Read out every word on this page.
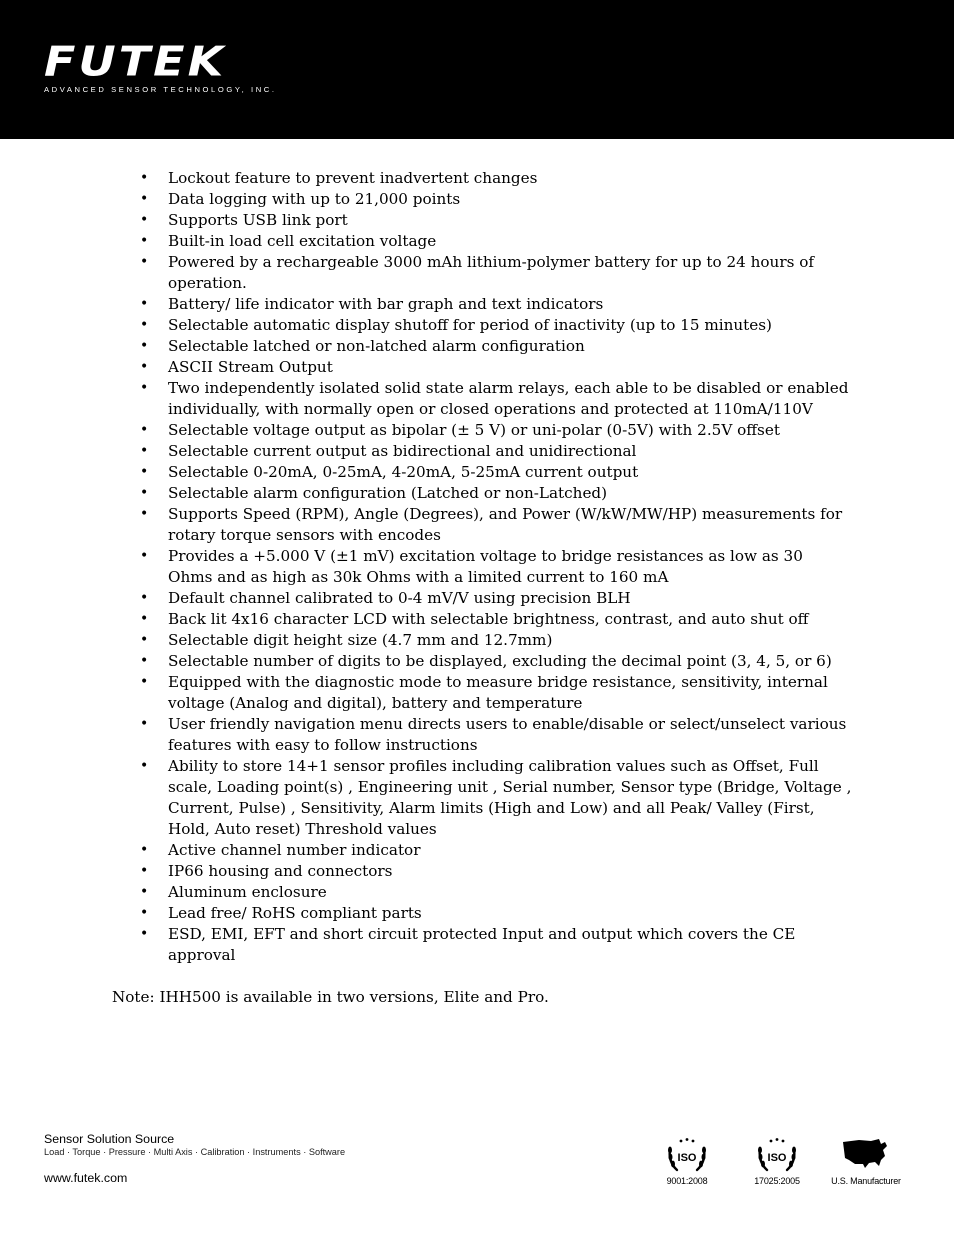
FUTEK
ADVANCED SENSOR TECHNOLOGY, INC.
• Lockout feature to prevent inadvertent changes
• Data logging with up to 21,000 points
• Supports USB link port
• Built-in load cell excitation voltage
• Powered by a rechargeable 3000 mAh lithium-polymer battery for up to 24 hours of operation.
• Battery/ life indicator with bar graph and text indicators
• Selectable automatic display shutoff for period of inactivity (up to 15 minutes)
• Selectable latched or non-latched alarm configuration
• ASCII Stream Output
• Two independently isolated solid state alarm relays, each able to be disabled or enabled individually, with normally open or closed operations and protected at 110mA/110V
• Selectable voltage output as bipolar (± 5 V) or uni-polar (0-5V) with 2.5V offset
• Selectable current output as bidirectional and unidirectional
• Selectable 0-20mA, 0-25mA, 4-20mA, 5-25mA current output
• Selectable alarm configuration (Latched or non-Latched)
• Supports Speed (RPM), Angle (Degrees), and Power (W/kW/MW/HP) measurements for rotary torque sensors with encodes
• Provides a +5.000 V (±1 mV) excitation voltage to bridge resistances as low as 30 Ohms and as high as 30k Ohms with a limited current to 160 mA
• Default channel calibrated to 0-4 mV/V using precision BLH
• Back lit 4x16 character LCD with selectable brightness, contrast, and auto shut off
• Selectable digit height size (4.7 mm and 12.7mm)
• Selectable number of digits to be displayed, excluding the decimal point (3, 4, 5, or 6)
• Equipped with the diagnostic mode to measure bridge resistance, sensitivity, internal voltage (Analog and digital), battery and temperature
• User friendly navigation menu directs users to enable/disable or select/unselect various features with easy to follow instructions
• Ability to store 14+1 sensor profiles including calibration values such as Offset, Full scale, Loading point(s) , Engineering unit , Serial number, Sensor type (Bridge, Voltage , Current, Pulse) , Sensitivity, Alarm limits (High and Low) and all Peak/ Valley (First, Hold, Auto reset) Threshold values
• Active channel number indicator
• IP66 housing and connectors
• Aluminum enclosure
• Lead free/ RoHS compliant parts
• ESD, EMI, EFT and short circuit protected Input and output which covers the CE approval
Note: IHH500 is available in two versions, Elite and Pro.
Sensor Solution Source
Load · Torque · Pressure · Multi Axis · Calibration · Instruments · Software
www.futek.com
ISO
9001:2008
ISO
17025:2005	U.S. Manufacturer
